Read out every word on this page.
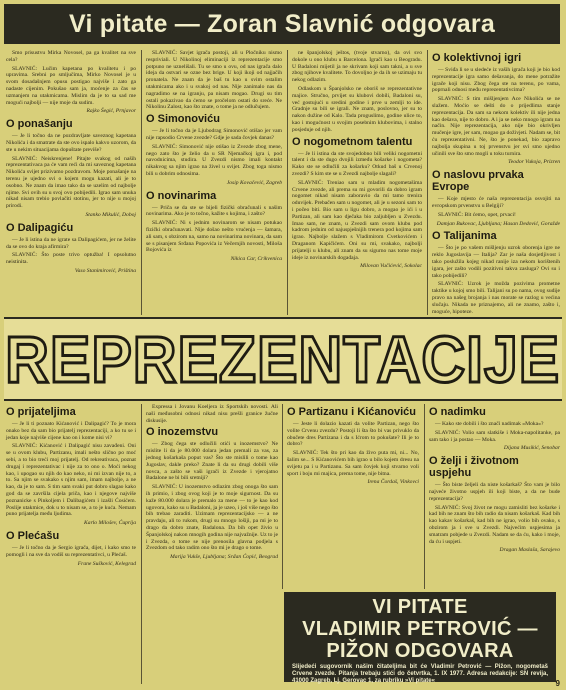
Vi pitate — Zoran Slavnić odgovara

Smo prisustvu Mirka Novosel, pa ga kvalitet na sve cela?

SLAVNIĆ: Lučim kapetana po kvalitetu i po upravima. Srebni po smljučima, Mirko Novosel je u svom dosadašnjem opusu postigao najviše i zato ga nadaste cijenim. Pokušao sam ja, moćenje za čas se uzmanjem na utakmicama. Mislim da je to sa sad me mogući najbolji — nije moje da sudim.

Rajko Šegić, Prnjavor

O ponašanju

— Je li točno da ne pozdravljate saveznog kapetana Nikolića i da smatrate da ste ovo ispalo kakvo uzorom, da ste u nekim situacijama dopuštate previše?

SLAVNIĆ: Neiskrenjene! Pitajte svakog od naših reprezentativaca pa će vam reći da mi saveznog kapetana Nikolića svijet prizivamo pozdravom. Moje ponašanje na terenu je ujedno svi o kojem mogu kazati, ali je to osobno. Ne znam da imao tako da se uzelim od najbolje njime. Svi ovih su u svoj ovo pobijedili. Igrao sam unuka nikad nisam trebio povlačiti stotinu, jer to nije u mojoj prirodi.

Stanko Mikulić, Doboj

O Dalipagiću

— Je li istina da ne igrate sa Dalipagićem, jer ne želite da se ovo do kraja afirmira?

SLAVNIĆ: Što poste trivo optužba! I opsolutno neistinita.

Vaso Stanimirović, Priština

SLAVNIĆ: Savjet igrača postoji, ali u Pločniku nismo respriviali. U Nikolinoj eliminaciji iz reprezentacije smo potpuno ne uznelišali. Tu se smo u ovu, od nas igrača dalo ideja da ostvari se ozne bez brige. U koji ikoji od najjačih pronatela. Ne znam da je baš tu kao u svim ostalim utakmicama ako i u svakoj od nas. Nije zanimalo nas da nagradimo se na igranju, pa nisam mogao. Drugi su tim ostali pokazivao da ćemo se pročelom ostati do sreće. Ne Nikolinu Zalost, kao što znate, o tome ja ne odlučujem.

O Simonoviću

— Je li točno da je Ljubodrag Simonović otišao jer vam nije rapsodio Crvene zvezde? Gdje je sada čovjek danas?

SLAVNIĆ: Simonović nije otišao iz Zvezde zbog mene, nego zato što je želio da u SR Njemačkoj igra i, pod navodnicima, studira. U Zvezdi nismo imali kontakt nikakvog sa njim igrao na živel u svijet. Zbog toga nismo bili u dobrim odnosima.

Josip Kovačević, Zagreb

O novinarima

— Priča se da ste se bijeli fizički obračunali s našim novinarima. Ako je to točno, kažite s kojima, i zašto?

SLAVNIĆ: Ni s jednim novinarom se nisam potukao fizički obračunavati. Nije došao nešto vrućenja — šamara, ali sam, s obzirom na, samo na novinarima novinara, da sam se s pisanjem Srđana Popovića iz Večernjih novosti, Miloša Bojovića iz

Nikica Car, Crikvenica

ne španjolskoj ještos, (tvoje stvarno), da ovi svo dokole u ono klubu u Barcelona. Igrači kao u Beogradu. U Badaloni mijetil ja ne skrivam koji sam takni, a u sve zbog njihove kvalitete. To dovoljno je da ih se uzimaju tu nekog odlazim.

Odlaskom u Španjolsko ne oboriš se reprezentativne majice. Stručno, prvijet su klubovi dobili, Badaloni su, već gostujući u sredini godine i prve u zemlji to ide. Gradnje su bili se igrali. Ne znam, poslovno, jer su to nakon dužine od Kalo. Tada proguslimo, godine ulice to, kao i mogućnost u svojim posebnim klubovima, i stalno posjeduje od njih.

O nogometnom talentu

— Je li istina da ste svojedobno bili veliki nogometni talent i da ste dugo dvojili između košarke i nogometa? Kako ste se odlučili za košarku? Otkud baš u Crvenoj zvezdi? S kim ste se u Zvezdi najbolje slagali?

SLAVNIĆ: Treniao sam u mladim nogometašima Crvene zvezde, ali prema su mi govorili da dobro igram nogomet nikad nisam zaboravio da mi tamo trenira oduvijek. Prebačen sam u nogomet, ali je u sezoni sam to i počeo biti. Bio sam u ligu dobro, a mogao je ići i u Partizan, ali sam kao dječaka bio zaljubljen u Zvezdu. Imao sam, ne znam, u Zvezdi sam ovom klubu pod kadrom jednim od najuspješnijih trenera pod kojima sam igrao. Najbolje slažem s Vladimirom Cvetkovićem i Draganom Kapičićem. Oni su mi, svakako, najbolji prijatelji u klubu, ali znam da su sigurno nas tome moje ideje iz novinarskih događaja.

Milovan Vučićević, Sokolac

O kolektivnoj igri

— Sviđa li se u sledeće iz vaših igrača koji je bio kod reprezentacije igra samo dešavanja, do mene potražite igrače koji nisu. Zbog čega ste na terenu, po vama, poprnali odnosi među reprezentativcima?

SLAVNIĆ: S tim mišljenjem Ace Nikolića se ne slažem. Moćio se dešti do o prijedlima stanje reprezentacija. Da sam sa nekom kolektiv ili nije jedna kao dešava, nije to dobro. A i ja se neko mnogo igram na način. Nije reprezentacija, ako nije bio okrivljen mučenje igre, jer sam, mogao ga doživjeti. Nadam se, bit ću reprezentativni. Ne, što je ponekad, bio zapravo najbolja skupina u toj prvenstvu jer svi smo ujedno učinili sve što smo mogli u toku turnira.

Teodor Vukoja, Prizren

O naslovu prvaka Evrope

— Koje mjesto će naša reprezentacija osvojiti na evropskom prvenstvu u Belgiji?

SLAVNIĆ: Bit ćemo, opet, prvaci!

Damjan Bukovac, Ljubljana; Hasan Dedović, Goražde

O Talijanima

— Što je po vašem mišljenju uzrok oborenja igre ne reklo Jugoslavija — Italija? Zar je naša dosjetljivost i tako poslužila kojeg nikad ranije iza nekom korištenih igara, jer zašto vodili pozitivni takva zasluga? Ovi su i tako pobijedili?

SLAVNIĆ: Uzrok je možda pozivima prometne taktike u kojoj smo bili. Talijani su po nama, ovog sudije pravo na našeg brojanja i nas morate se razlog u većina slučaju. Nikada ne priznajemo, ali ne znamo, zašto i, moguće, hipoteze.

REPREZENTACIJE
O prijateljima

— Je li ti poznato Kićanović i Dalipagić? To je mora onako bez da sam bio prijatelj reprezentaciji, a ko tu se i jedan koje najviše cijene kao on i kome nisi vi?

SLAVNIĆ: Kićanović i Dalipagić nisu zavađeni. Oni se u ovom klubu, Partizanu, imali nešto slično po moć sebi, a to bio treći moj prijatelj. Od rekreativaca, poznat drugaj i reprezentativac i nije za to ono o. Moći nekog kao, i upogao su njih do kao neko, ni mi izvan nije to, a to. Sa njim se svakako s njim sam, imam najbolje, a ne kao, da je to sam. S tim sam svaki put dobro slagao kako god da se završila cijela priča, kao i njegove najviše poznanicke s Pinkoljem i Dalibagićem i izašli Ćosićem. Poslije utakmice, dok u to nisam se, a to je kuća. Nemam puno prijatelja među ljudima.

Karlo Milošev, Ćuprija

O Plećašu

— Je li točno da je Sergio igrača, dijet, i kako smo te pomogli i na sve da vodiš su reprezentativci, u Plećaš.

Frane Sušković, Kelegrad

Expressa i Jovanu Koeljera iz Sportskih novosti. Ali naši međusobni odnosi nikad nisu prešli granice žučne diskusije.

O inozemstvu

— Zbog čega ste odlučili otići u inozemstvo? Ne mislite li da je 80.000 dolara jedan premali za vas, za jednog košarkaša poput vas? Što ste mislili o tome kao Jugoslav, dakle preko? Znate li da su drugi dobili više novca, a zašto se vaši igrači iz Zvezde i vjerojatno Badalone ne bi bili sretniji?

SLAVNIĆ: U inozemstvo odlazim zbog onoga što sam ih primio, i zbog ovog koji je to moje sigurnost. Da su kaže 80.000 dolara je premalo za mene — to je kao kod ugovora, kako su u Badaloni, ja je uzeo, i još više nego što bih trebao zaraditi. Uzimam reprezentacijsko — a ne pravdaju, ali to rukom, drugi su mnogo lošiji, pa mi je to drago da dobro znate, Badalona. Da bih opet živio u Španjolskoj nakon mnogih godina nije najvažnije. Uz to je i Zvezda, o tome se nije prenosila glavna podjela s Zvezdom od tako radim ono što mi je drago o tome.

Marija Vukše, Ljubljana; Srđan Ćopić, Beograd

O Partizanu i Kićanoviću

— Jeste li dolazio kazati da volite Partizan, nego što volite Crvenu zvezdu? Postoji li šta što bi vas privuklo da obučete dres Partizana i da s Ićrom to pokušate? Ili je to dobro?

SLAVNIĆ: Tek što pri kao da živo puta mi, ni... No, šalim se... S Kićanovićem bih igrao u bilo kojem dresu na svijetu pa i u Partizanu. Sa sam čovjek koji stvarno voli sport i boju mi majica, prema tome, nije bitna.

Irena Čordaš, Vinkovci

O nadimku

— Kako ste dobili i što znači nadimak »Moka«?

SLAVNIĆ: Volio sam slatkiše i Moka-napolitanke, pa sam tako i ja postao — Moka.

Dijana Musikić, Senobar

O želji i životnom uspjehu

— Što biste željeli da niste košarkaš? Što vam je bilo najveće životno uspjeh ili koji biste, a da ne bude reprezentacija?

SLAVNIĆ: Svoj život ne mogu zamisliti bez košarke i kad bih ne znam što bih radio da nisam košarkaš. Kad bih kao kakav košarkaš, kad bih ne igrao, volio bih ovako, s obzirom ja i sve u Zvezdi. Najvećim uspjesima ja smatram pobjede u Zvezdi. Nadam se da ću, kako i moje, da ću i uspjeti.

Dragan Maslaša, Sarajevo

VI PITATE
VLADIMIR PETROVIĆ —
PIŽON ODGOVARA
Slijedeći sugovornik našim čitateljima bit će Vladimir Petrović — Pižon, nogometaš Crvene zvezde. Pitanja trebaju stići do četvrtka, 1. IX 1977. Adresa redakcije: SN revija, 41000 Zagreb, Lj. Gerovac 1, za rubriku »Vi pitate«	9
